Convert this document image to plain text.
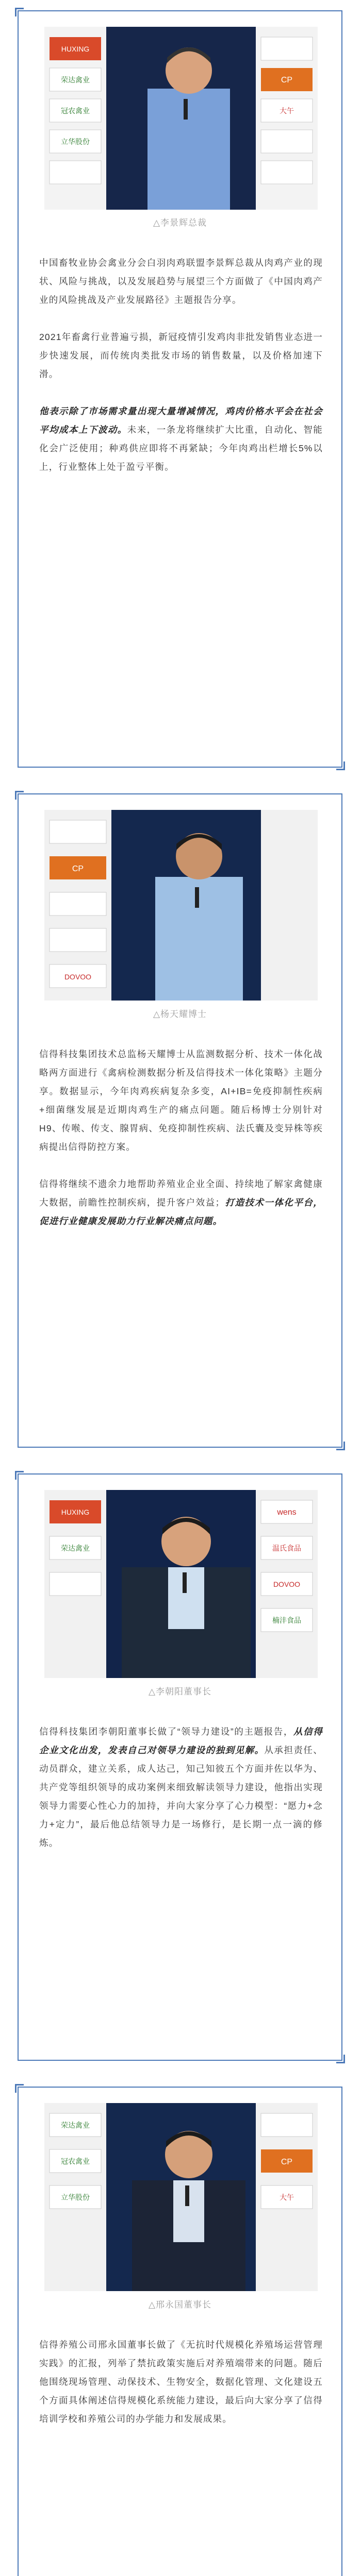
HUXING
荣达禽业
冠农禽业
立华股份
CP
大午
△李景辉总裁

中国畜牧业协会禽业分会白羽肉鸡联盟李景辉总裁从肉鸡产业的现状、风险与挑战，以及发展趋势与展望三个方面做了《中国肉鸡产业的风险挑战及产业发展路径》主题报告分享。

2021年畜禽行业普遍亏损，新冠疫情引发鸡肉非批发销售业态进一步快速发展，而传统肉类批发市场的销售数量，以及价格加速下滑。

他表示除了市场需求量出现大量增减情况，鸡肉价格水平会在社会平均成本上下波动。未来，一条龙将继续扩大比重，自动化、智能化会广泛使用；种鸡供应即将不再紧缺；今年肉鸡出栏增长5%以上，行业整体上处于盈亏平衡。

CP
DOVOO
△杨天耀博士

信得科技集团技术总监杨天耀博士从监测数据分析、技术一体化战略两方面进行《禽病检测数据分析及信得技术一体化策略》主题分享。数据显示，今年肉鸡疾病复杂多变，AI+IB=免疫抑制性疾病+细菌继发展是近期肉鸡生产的痛点问题。随后杨博士分别针对H9、传喉、传支、腺胃病、免疫抑制性疾病、法氏囊及变异株等疾病提出信得防控方案。

信得将继续不遗余力地帮助养殖业企业全面、持续地了解家禽健康大数据，前瞻性控制疾病，提升客户效益；打造技术一体化平台，促进行业健康发展助力行业解决痛点问题。

HUXING
荣达禽业
wens
温氏食品
DOVOO
楠沣食品
△李朝阳董事长

信得科技集团李朝阳董事长做了“领导力建设”的主题报告，从信得企业文化出发，发表自己对领导力建设的独到见解。从承担责任、动员群众，建立关系，成人达己，知己知彼五个方面并佐以华为、共产党等组织领导的成功案例来细致解读领导力建设，他指出实现领导力需要心性心力的加持，并向大家分享了心力模型：“愿力+念力+定力”，最后他总结领导力是一场修行，是长期一点一滴的修炼。

荣达禽业
冠农禽业
立华股份
CP
大午
△邢永国董事长

信得养殖公司邢永国董事长做了《无抗时代规模化养殖场运营管理实践》的汇报，列举了禁抗政策实施后对养殖端带来的问题。随后他围绕现场管理、动保技术、生物安全，数据化管理、文化建设五个方面具体阐述信得规模化系统能力建设，最后向大家分享了信得培训学校和养殖公司的办学能力和发展成果。
